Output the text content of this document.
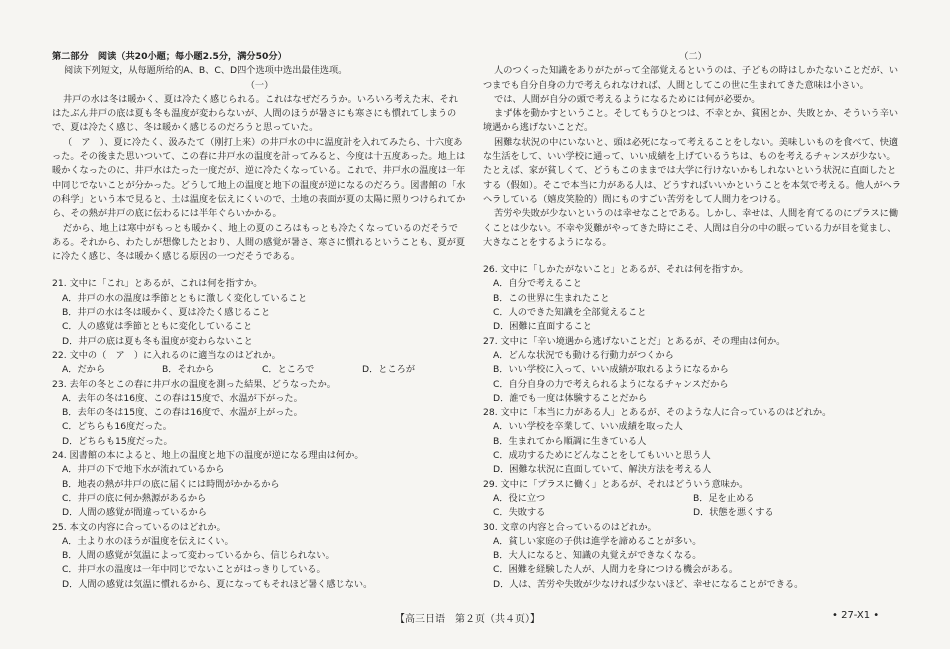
第二部分　阅读（共20小题；每小题2.5分，满分50分）

阅读下列短文，从每题所给的A、B、C、D四个选项中选出最佳选项。

（一）

井戸の水は冬は暖かく、夏は冷たく感じられる。これはなぜだろうか。いろいろ考えた末、それはたぶん井戸の底は夏も冬も温度が変わらないが、人間のほうが暑さにも寒さにも慣れてしまうので、夏は冷たく感じ、冬は暖かく感じるのだろうと思っていた。

（　ア　）、夏に冷たく、汲みたて（刚打上来）の井戸水の中に温度計を入れてみたら、十六度あった。その後また思いついて、この春に井戸水の温度を計ってみると、今度は十五度あった。地上は暖かくなったのに、井戸水はたった一度だが、逆に冷たくなっている。これで、井戸水の温度は一年中同じでないことが分かった。どうして地上の温度と地下の温度が逆になるのだろう。図書館の「水の科学」という本で見ると、土は温度を伝えにくいので、土地の表面が夏の太陽に照りつけられてから、その熱が井戸の底に伝わるには半年ぐらいかかる。

だから、地上は寒中がもっとも暖かく、地上の夏のころはもっとも冷たくなっているのだそうである。それから、わたしが想像したとおり、人間の感覚が暑さ、寒さに慣れるということも、夏が夏に冷たく感じ、冬は暖かく感じる原因の一つだそうである。

21. 文中に「これ」とあるが、これは何を指すか。

A．井戸の水の温度は季節とともに激しく変化していること

B．井戸の水は冬は暖かく、夏は冷たく感じること

C．人の感覚は季節とともに変化していること

D．井戸の底は夏も冬も温度が変わらないこと

22. 文中の（　ア　）に入れるのに適当なのはどれか。

A．だから	B．それから	C．ところで	D．ところが

23. 去年の冬とこの春に井戸水の温度を測った結果、どうなったか。

A．去年の冬は16度、この春は15度で、水温が下がった。

B．去年の冬は15度、この春は16度で、水温が上がった。

C．どちらも16度だった。

D．どちらも15度だった。

24. 図書館の本によると、地上の温度と地下の温度が逆になる理由は何か。

A．井戸の下で地下水が流れているから

B．地表の熱が井戸の底に届くには時間がかかるから

C．井戸の底に何か熱源があるから

D．人間の感覚が間違っているから

25. 本文の内容に合っているのはどれか。

A．土より水のほうが温度を伝えにくい。

B．人間の感覚が気温によって変わっているから、信じられない。

C．井戸水の温度は一年中同じでないことがはっきりしている。

D．人間の感覚は気温に慣れるから、夏になってもそれほど暑く感じない。

（二）

人のつくった知識をありがたがって全部覚えるというのは、子どもの時はしかたないことだが、いつまでも自分自身の力で考えられなければ、人間としてこの世に生まれてきた意味は小さい。

では、人間が自分の頭で考えるようになるためには何が必要か。

まず体を動かすということ。そしてもうひとつは、不幸とか、貧困とか、失敗とか、そういう辛い境遇から逃げないことだ。

困難な状況の中にいないと、頭は必死になって考えることをしない。美味しいものを食べて、快適な生活をして、いい学校に通って、いい成績を上げているうちは、ものを考えるチャンスが少ない。たとえば、家が貧しくて、どうもこのままでは大学に行けないかもしれないという状況に直面したとする（假如）。そこで本当に力がある人は、どうすればいいかということを本気で考える。他人がヘラヘラしている（嬉皮笑脸的）間にものすごい苦労をして人間力をつける。

苦労や失敗が少ないというのは幸せなことである。しかし、幸せは、人間を育てるのにプラスに働くことは少ない。不幸や災難がやってきた時にこそ、人間は自分の中の眠っている力が目を覚まし、大きなことをするようになる。

26. 文中に「しかたがないこと」とあるが、それは何を指すか。

A．自分で考えること

B．この世界に生まれたこと

C．人のできた知識を全部覚えること

D．困難に直面すること

27. 文中に「辛い境遇から逃げないことだ」とあるが、その理由は何か。

A．どんな状況でも動ける行動力がつくから

B．いい学校に入って、いい成績が取れるようになるから

C．自分自身の力で考えられるようになるチャンスだから

D．誰でも一度は体験することだから

28. 文中に「本当に力がある人」とあるが、そのような人に合っているのはどれか。

A．いい学校を卒業して、いい成績を取った人

B．生まれてから順調に生きている人

C．成功するためにどんなことをしてもいいと思う人

D．困難な状況に直面していて、解決方法を考える人

29. 文中に「プラスに働く」とあるが、それはどういう意味か。

A．役に立つ	B．足を止める
C．失敗する	D．状態を悪くする

30. 文章の内容と合っているのはどれか。

A．貧しい家庭の子供は進学を諦めることが多い。

B．大人になると、知識の丸覚えができなくなる。

C．困難を経験した人が、人間力を身につける機会がある。

D．人は、苦労や失敗が少なければ少ないほど、幸せになることができる。

【高三日语　第２页（共４页）】	• 27-X1 •
